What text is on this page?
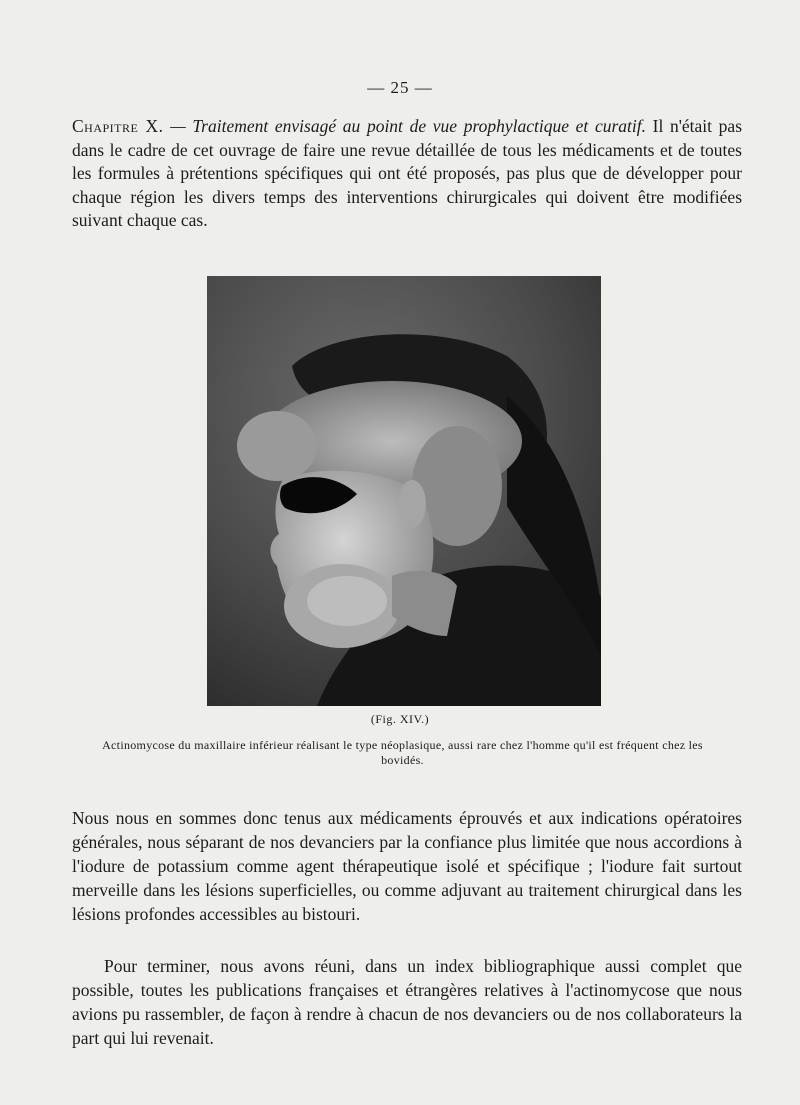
— 25 —
Chapitre X. — Traitement envisagé au point de vue prophylactique et curatif. Il n'était pas dans le cadre de cet ouvrage de faire une revue détaillée de tous les médicaments et de toutes les formules à prétentions spécifiques qui ont été proposés, pas plus que de développer pour chaque région les divers temps des interventions chirurgicales qui doivent être modifiées suivant chaque cas.
(Fig. XIV.)
Actinomycose du maxillaire inférieur réalisant le type néoplasique, aussi rare chez l'homme qu'il est fréquent chez les bovidés.
Nous nous en sommes donc tenus aux médicaments éprouvés et aux indications opératoires générales, nous séparant de nos devanciers par la confiance plus limitée que nous accordions à l'iodure de potassium comme agent thérapeutique isolé et spécifique ; l'iodure fait surtout merveille dans les lésions superficielles, ou comme adjuvant au traitement chirurgical dans les lésions profondes accessibles au bistouri.
Pour terminer, nous avons réuni, dans un index bibliographique aussi complet que possible, toutes les publications françaises et étrangères relatives à l'actinomycose que nous avions pu rassembler, de façon à rendre à chacun de nos devanciers ou de nos collaborateurs la part qui lui revenait.
